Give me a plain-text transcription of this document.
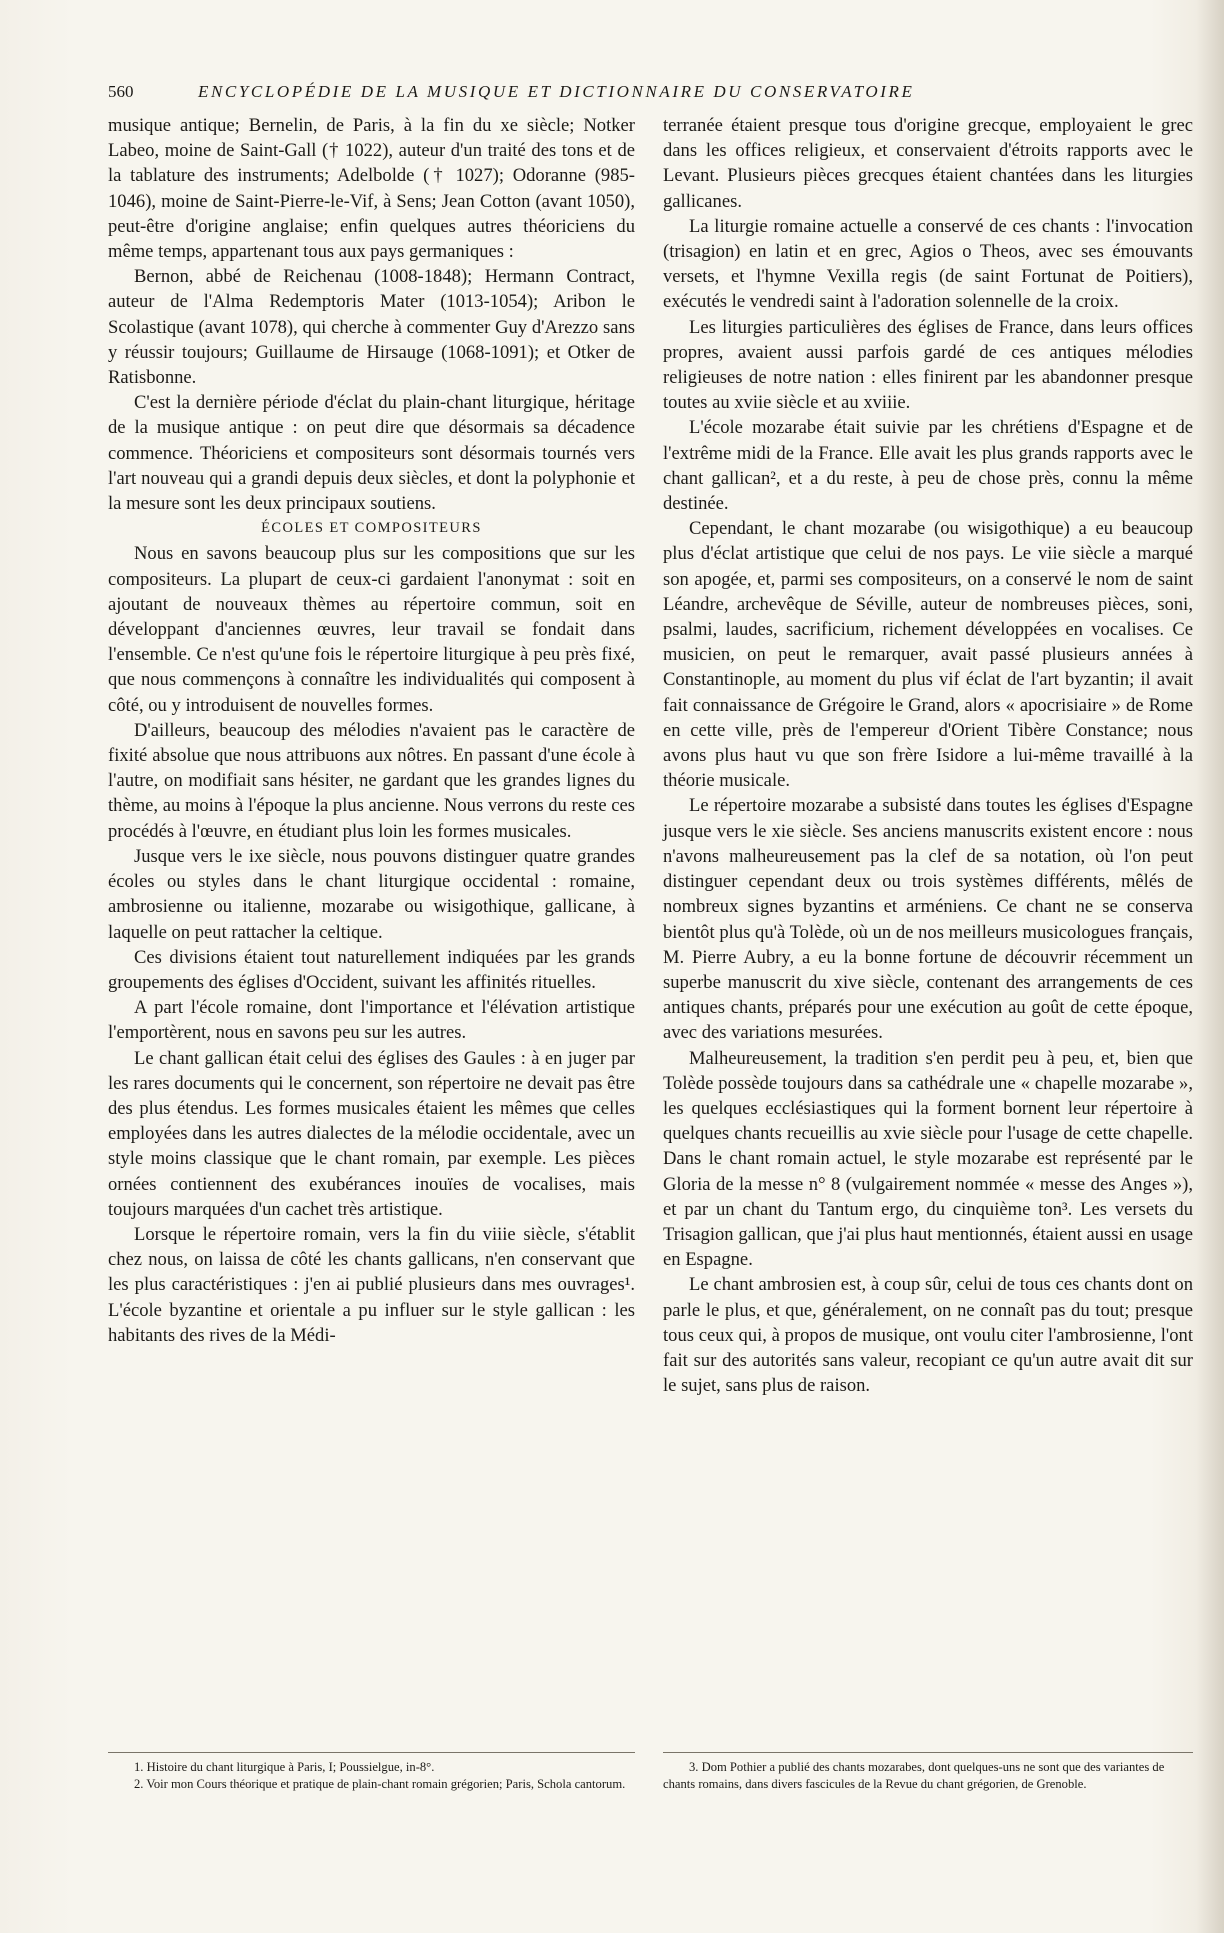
560	ENCYCLOPÉDIE DE LA MUSIQUE ET DICTIONNAIRE DU CONSERVATOIRE

musique antique; Bernelin, de Paris, à la fin du xe siècle; Notker Labeo, moine de Saint-Gall († 1022), auteur d'un traité des tons et de la tablature des instruments; Adelbolde († 1027); Odoranne (985-1046), moine de Saint-Pierre-le-Vif, à Sens; Jean Cotton (avant 1050), peut-être d'origine anglaise; enfin quelques autres théoriciens du même temps, appartenant tous aux pays germaniques :

Bernon, abbé de Reichenau (1008-1848); Hermann Contract, auteur de l'Alma Redemptoris Mater (1013-1054); Aribon le Scolastique (avant 1078), qui cherche à commenter Guy d'Arezzo sans y réussir toujours; Guillaume de Hirsauge (1068-1091); et Otker de Ratisbonne.

C'est la dernière période d'éclat du plain-chant liturgique, héritage de la musique antique : on peut dire que désormais sa décadence commence. Théoriciens et compositeurs sont désormais tournés vers l'art nouveau qui a grandi depuis deux siècles, et dont la polyphonie et la mesure sont les deux principaux soutiens.

ÉCOLES ET COMPOSITEURS

Nous en savons beaucoup plus sur les compositions que sur les compositeurs. La plupart de ceux-ci gardaient l'anonymat : soit en ajoutant de nouveaux thèmes au répertoire commun, soit en développant d'anciennes œuvres, leur travail se fondait dans l'ensemble. Ce n'est qu'une fois le répertoire liturgique à peu près fixé, que nous commençons à connaître les individualités qui composent à côté, ou y introduisent de nouvelles formes.

D'ailleurs, beaucoup des mélodies n'avaient pas le caractère de fixité absolue que nous attribuons aux nôtres. En passant d'une école à l'autre, on modifiait sans hésiter, ne gardant que les grandes lignes du thème, au moins à l'époque la plus ancienne. Nous verrons du reste ces procédés à l'œuvre, en étudiant plus loin les formes musicales.

Jusque vers le ixe siècle, nous pouvons distinguer quatre grandes écoles ou styles dans le chant liturgique occidental : romaine, ambrosienne ou italienne, mozarabe ou wisigothique, gallicane, à laquelle on peut rattacher la celtique.

Ces divisions étaient tout naturellement indiquées par les grands groupements des églises d'Occident, suivant les affinités rituelles.

A part l'école romaine, dont l'importance et l'élévation artistique l'emportèrent, nous en savons peu sur les autres.

Le chant gallican était celui des églises des Gaules : à en juger par les rares documents qui le concernent, son répertoire ne devait pas être des plus étendus. Les formes musicales étaient les mêmes que celles employées dans les autres dialectes de la mélodie occidentale, avec un style moins classique que le chant romain, par exemple. Les pièces ornées contiennent des exubérances inouïes de vocalises, mais toujours marquées d'un cachet très artistique.

Lorsque le répertoire romain, vers la fin du viiie siècle, s'établit chez nous, on laissa de côté les chants gallicans, n'en conservant que les plus caractéristiques : j'en ai publié plusieurs dans mes ouvrages¹. L'école byzantine et orientale a pu influer sur le style gallican : les habitants des rives de la Médi-

terranée étaient presque tous d'origine grecque, employaient le grec dans les offices religieux, et conservaient d'étroits rapports avec le Levant. Plusieurs pièces grecques étaient chantées dans les liturgies gallicanes.

La liturgie romaine actuelle a conservé de ces chants : l'invocation (trisagion) en latin et en grec, Agios o Theos, avec ses émouvants versets, et l'hymne Vexilla regis (de saint Fortunat de Poitiers), exécutés le vendredi saint à l'adoration solennelle de la croix.

Les liturgies particulières des églises de France, dans leurs offices propres, avaient aussi parfois gardé de ces antiques mélodies religieuses de notre nation : elles finirent par les abandonner presque toutes au xviie siècle et au xviiie.

L'école mozarabe était suivie par les chrétiens d'Espagne et de l'extrême midi de la France. Elle avait les plus grands rapports avec le chant gallican², et a du reste, à peu de chose près, connu la même destinée.

Cependant, le chant mozarabe (ou wisigothique) a eu beaucoup plus d'éclat artistique que celui de nos pays. Le viie siècle a marqué son apogée, et, parmi ses compositeurs, on a conservé le nom de saint Léandre, archevêque de Séville, auteur de nombreuses pièces, soni, psalmi, laudes, sacrificium, richement développées en vocalises. Ce musicien, on peut le remarquer, avait passé plusieurs années à Constantinople, au moment du plus vif éclat de l'art byzantin; il avait fait connaissance de Grégoire le Grand, alors « apocrisiaire » de Rome en cette ville, près de l'empereur d'Orient Tibère Constance; nous avons plus haut vu que son frère Isidore a lui-même travaillé à la théorie musicale.

Le répertoire mozarabe a subsisté dans toutes les églises d'Espagne jusque vers le xie siècle. Ses anciens manuscrits existent encore : nous n'avons malheureusement pas la clef de sa notation, où l'on peut distinguer cependant deux ou trois systèmes différents, mêlés de nombreux signes byzantins et arméniens. Ce chant ne se conserva bientôt plus qu'à Tolède, où un de nos meilleurs musicologues français, M. Pierre Aubry, a eu la bonne fortune de découvrir récemment un superbe manuscrit du xive siècle, contenant des arrangements de ces antiques chants, préparés pour une exécution au goût de cette époque, avec des variations mesurées.

Malheureusement, la tradition s'en perdit peu à peu, et, bien que Tolède possède toujours dans sa cathédrale une « chapelle mozarabe », les quelques ecclésiastiques qui la forment bornent leur répertoire à quelques chants recueillis au xvie siècle pour l'usage de cette chapelle. Dans le chant romain actuel, le style mozarabe est représenté par le Gloria de la messe n° 8 (vulgairement nommée « messe des Anges »), et par un chant du Tantum ergo, du cinquième ton³. Les versets du Trisagion gallican, que j'ai plus haut mentionnés, étaient aussi en usage en Espagne.

Le chant ambrosien est, à coup sûr, celui de tous ces chants dont on parle le plus, et que, généralement, on ne connaît pas du tout; presque tous ceux qui, à propos de musique, ont voulu citer l'ambrosienne, l'ont fait sur des autorités sans valeur, recopiant ce qu'un autre avait dit sur le sujet, sans plus de raison.

1. Histoire du chant liturgique à Paris, I; Poussielgue, in-8°.

2. Voir mon Cours théorique et pratique de plain-chant romain grégorien; Paris, Schola cantorum.

3. Dom Pothier a publié des chants mozarabes, dont quelques-uns ne sont que des variantes de chants romains, dans divers fascicules de la Revue du chant grégorien, de Grenoble.
